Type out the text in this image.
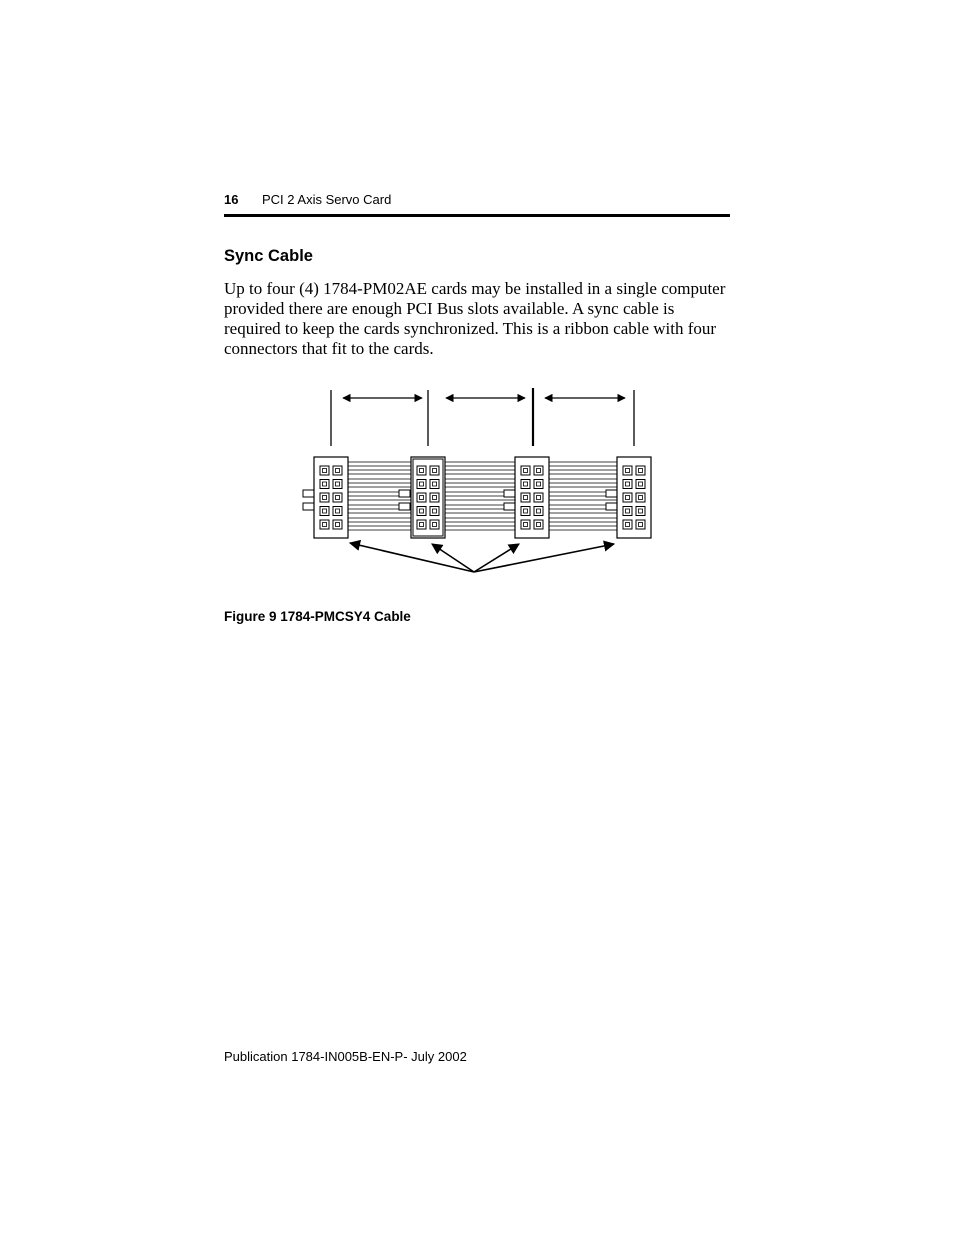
16 PCI 2 Axis Servo Card
Sync Cable

Up to four (4) 1784-PM02AE cards may be installed in a single computer provided there are enough PCI Bus slots available. A sync cable is required to keep the cards synchronized. This is a ribbon cable with four connectors that fit to the cards.

Figure 9 1784-PMCSY4 Cable

Publication 1784-IN005B-EN-P- July 2002
